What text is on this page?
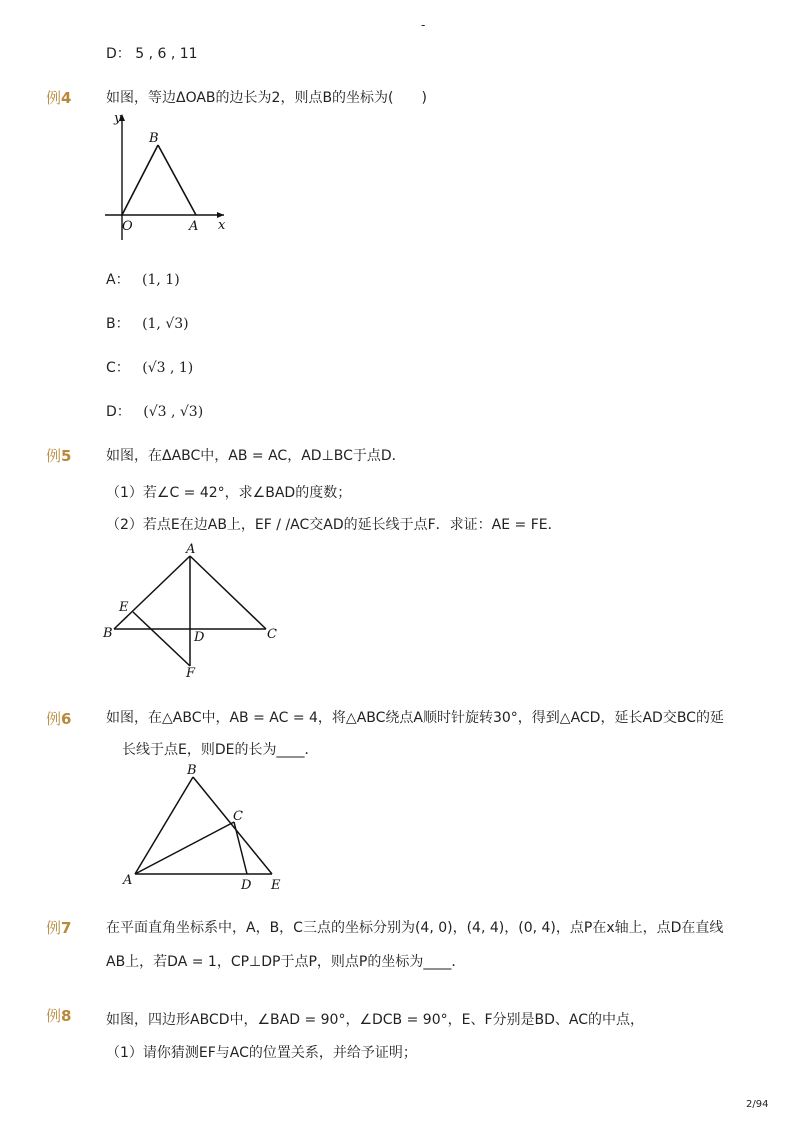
-
D： 5 , 6 , 11
例4 如图，等边ΔOAB的边长为2，则点B的坐标为(　　)
y
x
B
O	A
A： (1, 1)
B： (1, √3)
C： (√3 , 1)
D： (√3 , √3)
例5 如图，在ΔABC中，AB = AC，AD⊥BC于点D．
（1）若∠C = 42°，求∠BAD的度数；
（2）若点E在边AB上，EF / /AC交AD的延长线于点F．求证：AE = FE．
A
E
B	D	C
F
例6 如图，在△ABC中，AB = AC = 4，将△ABC绕点A顺时针旋转30°，得到△ACD，延长AD交BC的延
长线于点E，则DE的长为____．
B
C
A	D E
例7 在平面直角坐标系中，A，B，C三点的坐标分别为(4, 0)，(4, 4)，(0, 4)，点P在x轴上，点D在直线
AB上，若DA = 1，CP⊥DP于点P，则点P的坐标为____．
例8 如图，四边形ABCD中，∠BAD = 90°，∠DCB = 90°，E、F分别是BD、AC的中点，
（1）请你猜测EF与AC的位置关系，并给予证明；
2/94
